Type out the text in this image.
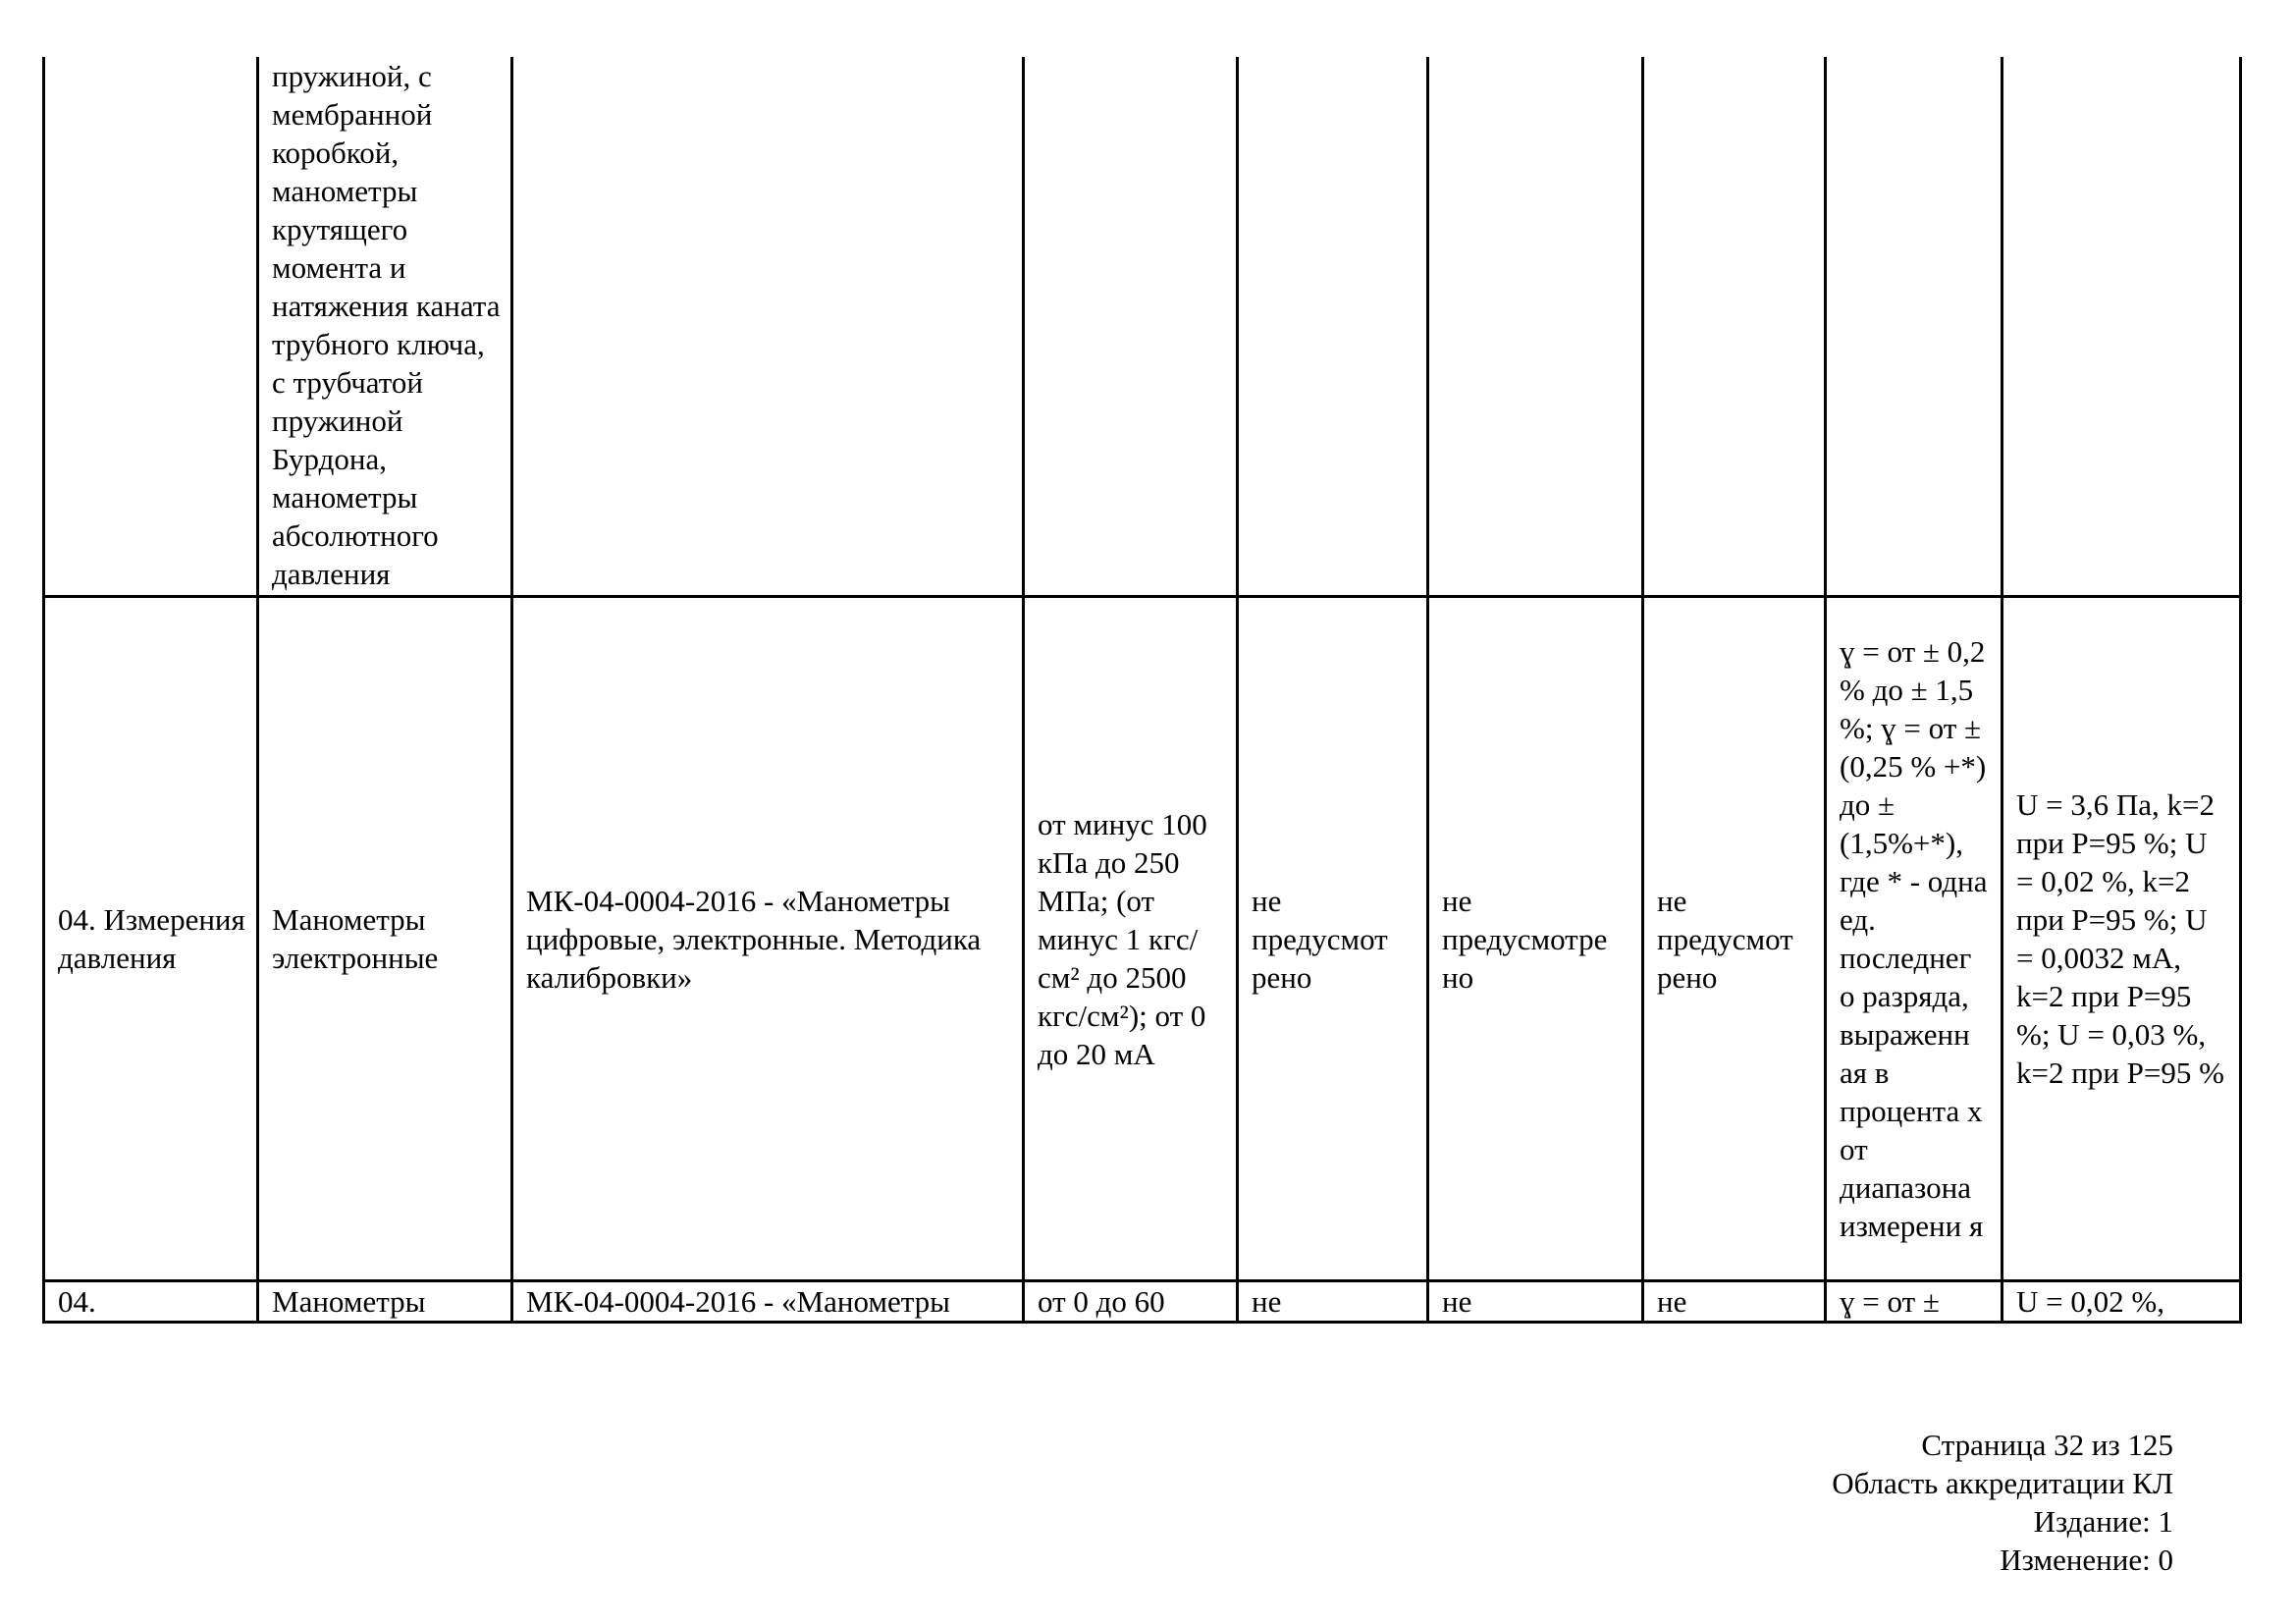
	пружиной, с мембранной коробкой, манометры крутящего момента и натяжения каната трубного ключа, с трубчатой пружиной Бурдона, манометры абсолютного давления							

04. Измерения давления	Манометры электронные	МК-04-0004-2016 - «Манометры цифровые, электронные. Методика калибровки»	от минус 100 кПа до 250 МПа; (от минус 1 кгс/см² до 2500 кгс/см²); от 0 до 20 мА	не предусмот рено	не предусмотре но	не предусмот рено	ɣ = от ± 0,2 % до ± 1,5 %; ɣ = от ± (0,25 % +*) до ± (1,5%+*), где * - одна ед. последнег о разряда, выраженн ая в процента х от диапазона измерени я	U = 3,6 Па, k=2 при Р=95 %; U = 0,02 %, k=2 при Р=95 %; U = 0,0032 мА, k=2 при Р=95 %; U = 0,03 %, k=2 при Р=95 %
04.	Манометры	МК-04-0004-2016 - «Манометры	от 0 до 60	не	не	не	ɣ = от ±	U = 0,02 %,
Страница 32 из 125
Область аккредитации КЛ
Издание: 1
Изменение: 0
